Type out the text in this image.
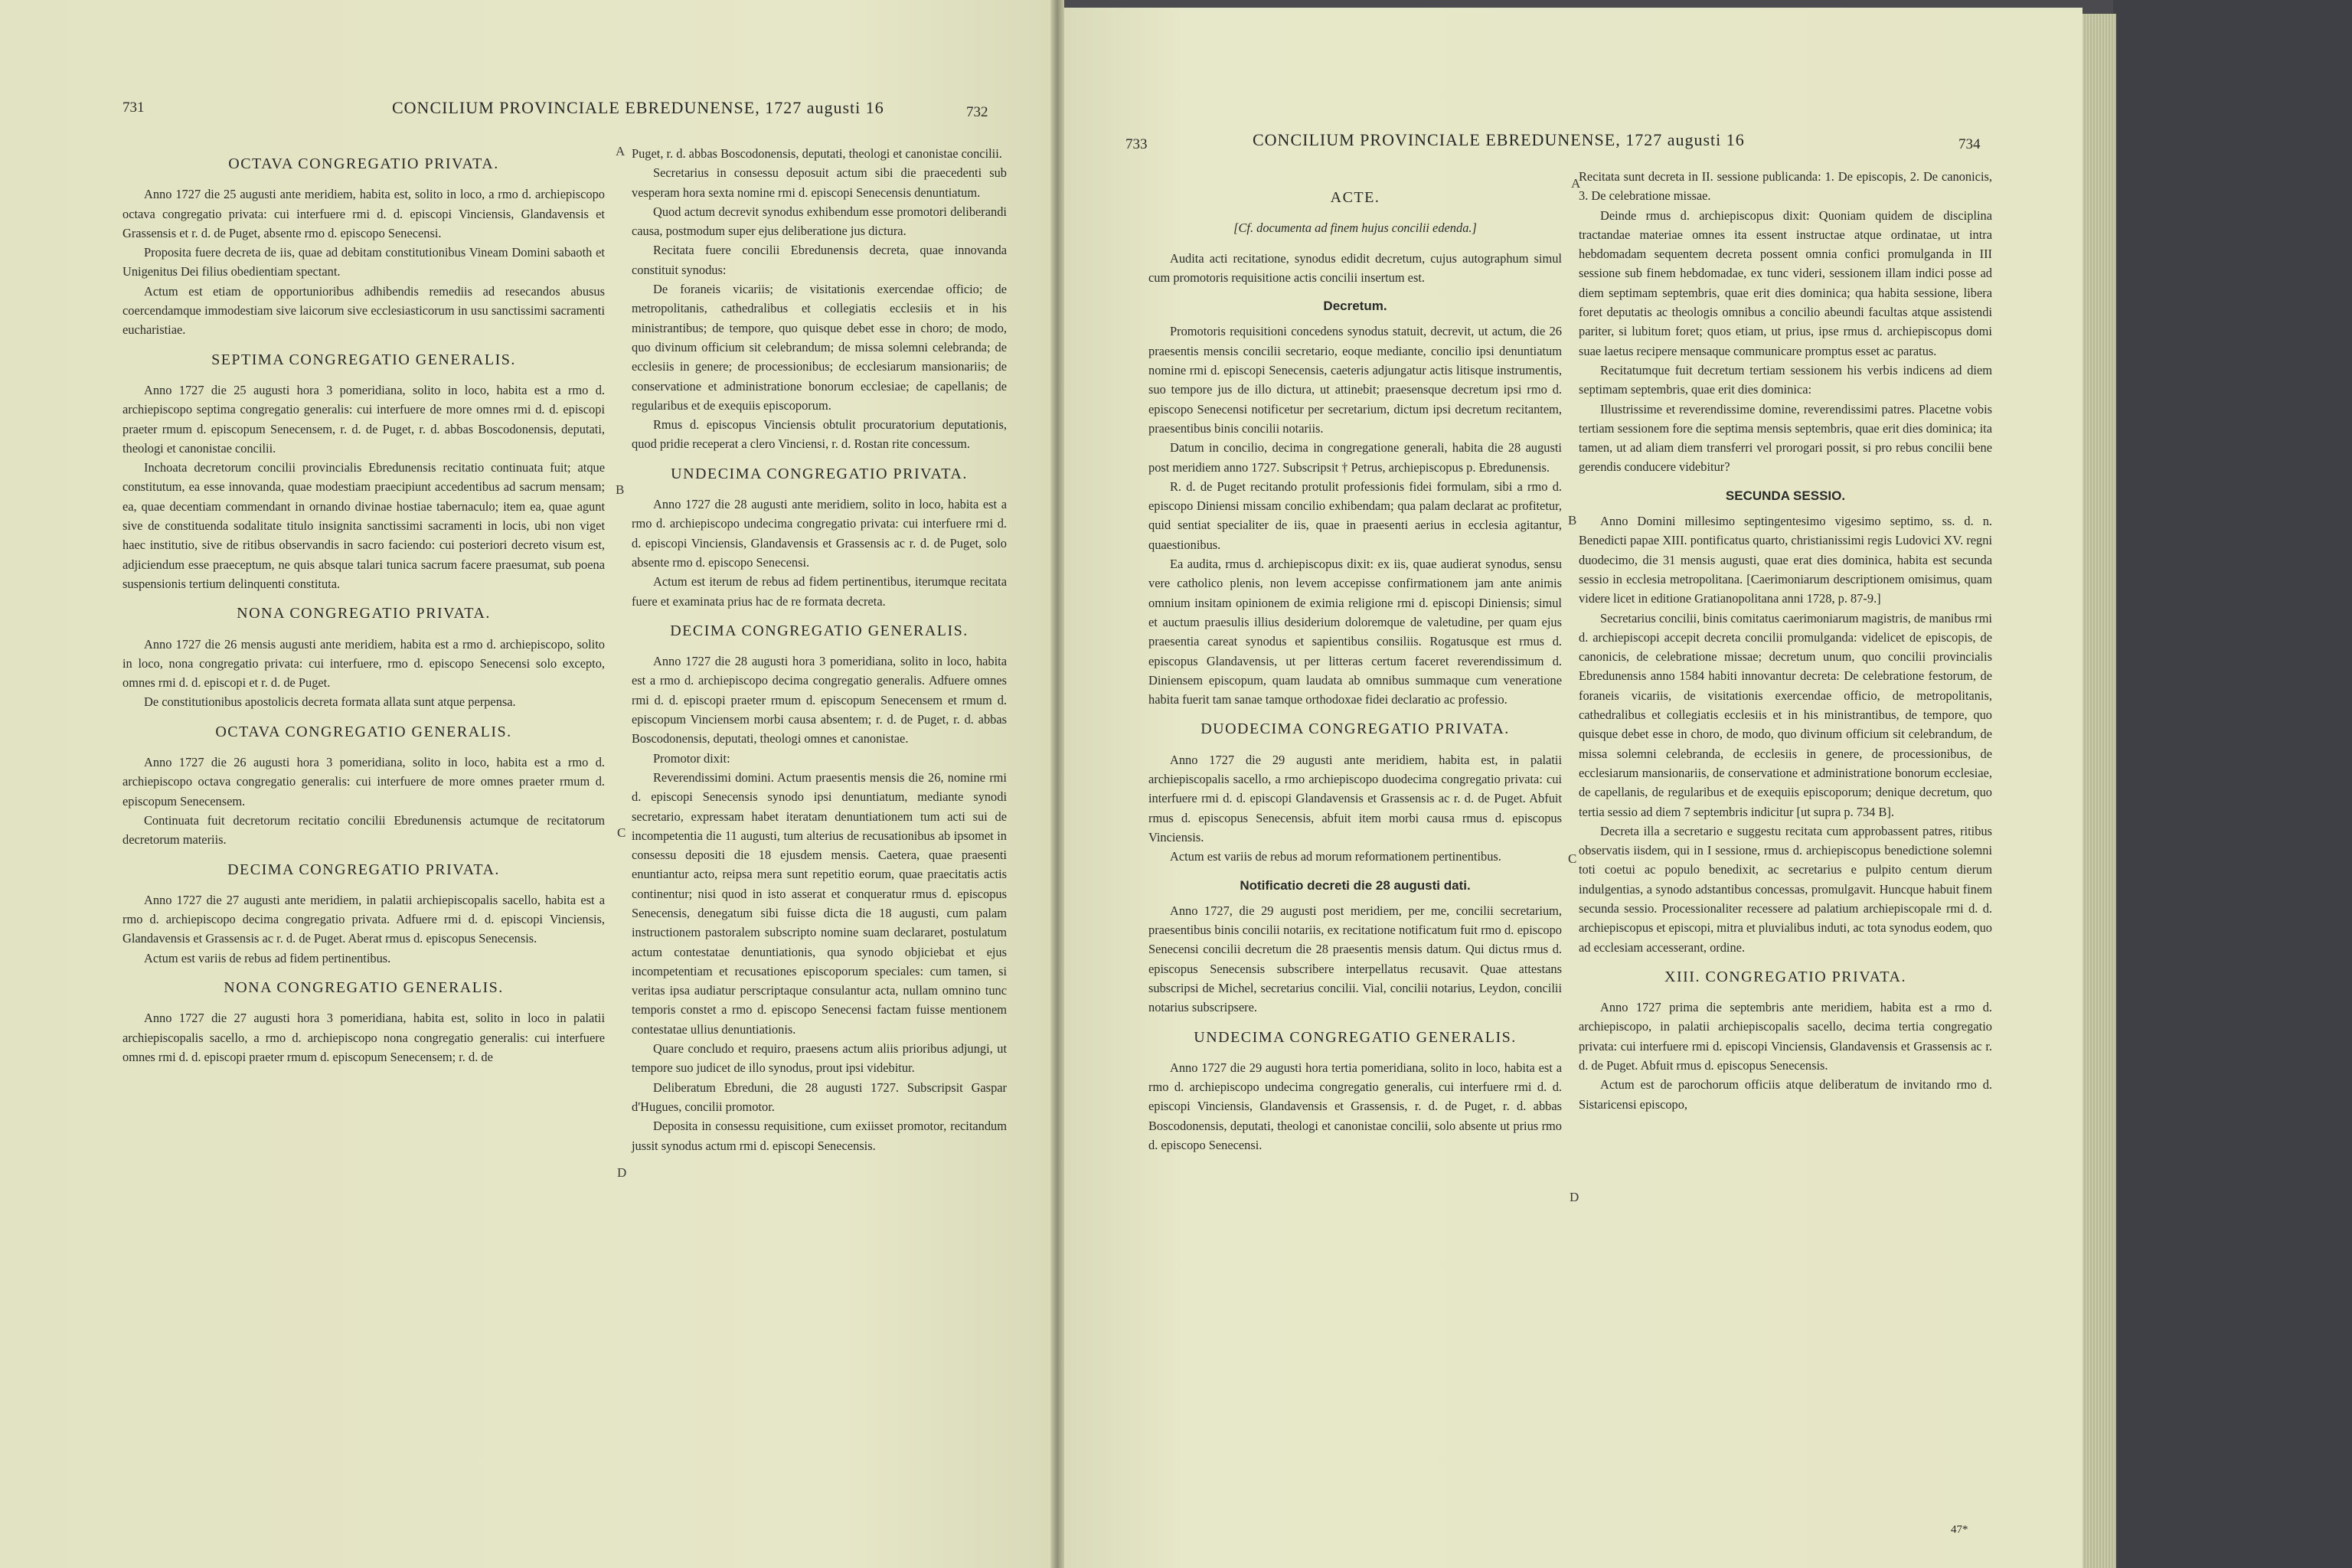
731	CONCILIUM PROVINCIALE EBREDUNENSE, 1727 augusti 16	732
OCTAVA CONGREGATIO PRIVATA.

Anno 1727 die 25 augusti ante meridiem, habita est, solito in loco, a rmo d. archiepiscopo octava congregatio privata: cui interfuere rmi d. d. episcopi Vinciensis, Glandavensis et Grassensis et r. d. de Puget, absente rmo d. episcopo Senecensi.

Proposita fuere decreta de iis, quae ad debitam constitutionibus Vineam Domini sabaoth et Unigenitus Dei filius obedientiam spectant.

Actum est etiam de opportunioribus adhibendis remediis ad resecandos abusus coercendamque immodestiam sive laicorum sive ecclesiasticorum in usu sanctissimi sacramenti eucharistiae.

SEPTIMA CONGREGATIO GENERALIS.

Anno 1727 die 25 augusti hora 3 pomeridiana, solito in loco, habita est a rmo d. archiepiscopo septima congregatio generalis: cui interfuere de more omnes rmi d. d. episcopi praeter rmum d. episcopum Senecensem, r. d. de Puget, r. d. abbas Boscodonensis, deputati, theologi et canonistae concilii.

Inchoata decretorum concilii provincialis Ebredunensis recitatio continuata fuit; atque constitutum, ea esse innovanda, quae modestiam praecipiunt accedentibus ad sacrum mensam; ea, quae decentiam commendant in ornando divinae hostiae tabernaculo; item ea, quae agunt sive de constituenda sodalitate titulo insignita sanctissimi sacramenti in locis, ubi non viget haec institutio, sive de ritibus observandis in sacro faciendo: cui posteriori decreto visum est, adjiciendum esse praeceptum, ne quis absque talari tunica sacrum facere praesumat, sub poena suspensionis tertium delinquenti constituta.

NONA CONGREGATIO PRIVATA.

Anno 1727 die 26 mensis augusti ante meridiem, habita est a rmo d. archiepiscopo, solito in loco, nona congregatio privata: cui interfuere, rmo d. episcopo Senecensi solo excepto, omnes rmi d. d. episcopi et r. d. de Puget.

De constitutionibus apostolicis decreta formata allata sunt atque perpensa.

OCTAVA CONGREGATIO GENERALIS.

Anno 1727 die 26 augusti hora 3 pomeridiana, solito in loco, habita est a rmo d. archiepiscopo octava congregatio generalis: cui interfuere de more omnes praeter rmum d. episcopum Senecensem.

Continuata fuit decretorum recitatio concilii Ebredunensis actumque de recitatorum decretorum materiis.

DECIMA CONGREGATIO PRIVATA.

Anno 1727 die 27 augusti ante meridiem, in palatii archiepiscopalis sacello, habita est a rmo d. archiepiscopo decima congregatio privata. Adfuere rmi d. d. episcopi Vinciensis, Glandavensis et Grassensis ac r. d. de Puget. Aberat rmus d. episcopus Senecensis.

Actum est variis de rebus ad fidem pertinentibus.

NONA CONGREGATIO GENERALIS.

Anno 1727 die 27 augusti hora 3 pomeridiana, habita est, solito in loco in palatii archiepiscopalis sacello, a rmo d. archiepiscopo nona congregatio generalis: cui interfuere omnes rmi d. d. episcopi praeter rmum d. episcopum Senecensem; r. d. de

Puget, r. d. abbas Boscodonensis, deputati, theologi et canonistae concilii.

Secretarius in consessu deposuit actum sibi die praecedenti sub vesperam hora sexta nomine rmi d. episcopi Senecensis denuntiatum.

Quod actum decrevit synodus exhibendum esse promotori deliberandi causa, postmodum super ejus deliberatione jus dictura.

Recitata fuere concilii Ebredunensis decreta, quae innovanda constituit synodus:

De foraneis vicariis; de visitationis exercendae officio; de metropolitanis, cathedralibus et collegiatis ecclesiis et in his ministrantibus; de tempore, quo quisque debet esse in choro; de modo, quo divinum officium sit celebrandum; de missa solemni celebranda; de ecclesiis in genere; de processionibus; de ecclesiarum mansionariis; de conservatione et administratione bonorum ecclesiae; de capellanis; de regularibus et de exequiis episcoporum.

Rmus d. episcopus Vinciensis obtulit procuratorium deputationis, quod pridie receperat a clero Vinciensi, r. d. Rostan rite concessum.

UNDECIMA CONGREGATIO PRIVATA.

Anno 1727 die 28 augusti ante meridiem, solito in loco, habita est a rmo d. archiepiscopo undecima congregatio privata: cui interfuere rmi d. d. episcopi Vinciensis, Glandavensis et Grassensis ac r. d. de Puget, solo absente rmo d. episcopo Senecensi.

Actum est iterum de rebus ad fidem pertinentibus, iterumque recitata fuere et examinata prius hac de re formata decreta.

DECIMA CONGREGATIO GENERALIS.

Anno 1727 die 28 augusti hora 3 pomeridiana, solito in loco, habita est a rmo d. archiepiscopo decima congregatio generalis. Adfuere omnes rmi d. d. episcopi praeter rmum d. episcopum Senecensem et rmum d. episcopum Vinciensem morbi causa absentem; r. d. de Puget, r. d. abbas Boscodonensis, deputati, theologi omnes et canonistae.

Promotor dixit:

Reverendissimi domini. Actum praesentis mensis die 26, nomine rmi d. episcopi Senecensis synodo ipsi denuntiatum, mediante synodi secretario, expressam habet iteratam denuntiationem tum acti sui de incompetentia die 11 augusti, tum alterius de recusationibus ab ipsomet in consessu depositi die 18 ejusdem mensis. Caetera, quae praesenti enuntiantur acto, reipsa mera sunt repetitio eorum, quae praecitatis actis continentur; nisi quod in isto asserat et conqueratur rmus d. episcopus Senecensis, denegatum sibi fuisse dicta die 18 augusti, cum palam instructionem pastoralem subscripto nomine suam declararet, postulatum actum contestatae denuntiationis, qua synodo objiciebat et ejus incompetentiam et recusationes episcoporum speciales: cum tamen, si veritas ipsa audiatur perscriptaque consulantur acta, nullam omnino tunc temporis constet a rmo d. episcopo Senecensi factam fuisse mentionem contestatae ullius denuntiationis.

Quare concludo et requiro, praesens actum aliis prioribus adjungi, ut tempore suo judicet de illo synodus, prout ipsi videbitur.

Deliberatum Ebreduni, die 28 augusti 1727. Subscripsit Gaspar d'Hugues, concilii promotor.

Deposita in consessu requisitione, cum exiisset promotor, recitandum jussit synodus actum rmi d. episcopi Senecensis.

A
B
C
D
733	CONCILIUM PROVINCIALE EBREDUNENSE, 1727 augusti 16	734
ACTE.

[Cf. documenta ad finem hujus concilii edenda.]

Audita acti recitatione, synodus edidit decretum, cujus autographum simul cum promotoris requisitione actis concilii insertum est.

Decretum.

Promotoris requisitioni concedens synodus statuit, decrevit, ut actum, die 26 praesentis mensis concilii secretario, eoque mediante, concilio ipsi denuntiatum nomine rmi d. episcopi Senecensis, caeteris adjungatur actis litisque instrumentis, suo tempore jus de illo dictura, ut attinebit; praesensque decretum ipsi rmo d. episcopo Senecensi notificetur per secretarium, dictum ipsi decretum recitantem, praesentibus binis concilii notariis.

Datum in concilio, decima in congregatione generali, habita die 28 augusti post meridiem anno 1727. Subscripsit † Petrus, archiepiscopus p. Ebredunensis.

R. d. de Puget recitando protulit professionis fidei formulam, sibi a rmo d. episcopo Diniensi missam concilio exhibendam; qua palam declarat ac profitetur, quid sentiat specialiter de iis, quae in praesenti aerius in ecclesia agitantur, quaestionibus.

Ea audita, rmus d. archiepiscopus dixit: ex iis, quae audierat synodus, sensu vere catholico plenis, non levem accepisse confirmationem jam ante animis omnium insitam opinionem de eximia religione rmi d. episcopi Diniensis; simul et auctum praesulis illius desiderium doloremque de valetudine, per quam ejus praesentia careat synodus et sapientibus consiliis. Rogatusque est rmus d. episcopus Glandavensis, ut per litteras certum faceret reverendissimum d. Diniensem episcopum, quam laudata ab omnibus summaque cum veneratione habita fuerit tam sanae tamque orthodoxae fidei declaratio ac professio.

DUODECIMA CONGREGATIO PRIVATA.

Anno 1727 die 29 augusti ante meridiem, habita est, in palatii archiepiscopalis sacello, a rmo archiepiscopo duodecima congregatio privata: cui interfuere rmi d. d. episcopi Glandavensis et Grassensis ac r. d. de Puget. Abfuit rmus d. episcopus Senecensis, abfuit item morbi causa rmus d. episcopus Vinciensis.

Actum est variis de rebus ad morum reformationem pertinentibus.

Notificatio decreti die 28 augusti dati.

Anno 1727, die 29 augusti post meridiem, per me, concilii secretarium, praesentibus binis concilii notariis, ex recitatione notificatum fuit rmo d. episcopo Senecensi concilii decretum die 28 praesentis mensis datum. Qui dictus rmus d. episcopus Senecensis subscribere interpellatus recusavit. Quae attestans subscripsi de Michel, secretarius concilii. Vial, concilii notarius, Leydon, concilii notarius subscripsere.

UNDECIMA CONGREGATIO GENERALIS.

Anno 1727 die 29 augusti hora tertia pomeridiana, solito in loco, habita est a rmo d. archiepiscopo undecima congregatio generalis, cui interfuere rmi d. d. episcopi Vinciensis, Glandavensis et Grassensis, r. d. de Puget, r. d. abbas Boscodonensis, deputati, theologi et canonistae concilii, solo absente ut prius rmo d. episcopo Senecensi.

Recitata sunt decreta in II. sessione publicanda: 1. De episcopis, 2. De canonicis, 3. De celebratione missae.

Deinde rmus d. archiepiscopus dixit: Quoniam quidem de disciplina tractandae materiae omnes ita essent instructae atque ordinatae, ut intra hebdomadam sequentem decreta possent omnia confici promulganda in III sessione sub finem hebdomadae, ex tunc videri, sessionem illam indici posse ad diem septimam septembris, quae erit dies dominica; qua habita sessione, libera foret deputatis ac theologis omnibus a concilio abeundi facultas atque assistendi pariter, si lubitum foret; quos etiam, ut prius, ipse rmus d. archiepiscopus domi suae laetus recipere mensaque communicare promptus esset ac paratus.

Recitatumque fuit decretum tertiam sessionem his verbis indicens ad diem septimam septembris, quae erit dies dominica:

Illustrissime et reverendissime domine, reverendissimi patres. Placetne vobis tertiam sessionem fore die septima mensis septembris, quae erit dies dominica; ita tamen, ut ad aliam diem transferri vel prorogari possit, si pro rebus concilii bene gerendis conducere videbitur?

SECUNDA SESSIO.

Anno Domini millesimo septingentesimo vigesimo septimo, ss. d. n. Benedicti papae XIII. pontificatus quarto, christianissimi regis Ludovici XV. regni duodecimo, die 31 mensis augusti, quae erat dies dominica, habita est secunda sessio in ecclesia metropolitana. [Caerimoniarum descriptionem omisimus, quam videre licet in editione Gratianopolitana anni 1728, p. 87-9.]

Secretarius concilii, binis comitatus caerimoniarum magistris, de manibus rmi d. archiepiscopi accepit decreta concilii promulganda: videlicet de episcopis, de canonicis, de celebratione missae; decretum unum, quo concilii provincialis Ebredunensis anno 1584 habiti innovantur decreta: De celebratione festorum, de foraneis vicariis, de visitationis exercendae officio, de metropolitanis, cathedralibus et collegiatis ecclesiis et in his ministrantibus, de tempore, quo quisque debet esse in choro, de modo, quo divinum officium sit celebrandum, de missa solemni celebranda, de ecclesiis in genere, de processionibus, de ecclesiarum mansionariis, de conservatione et administratione bonorum ecclesiae, de capellanis, de regularibus et de exequiis episcoporum; denique decretum, quo tertia sessio ad diem 7 septembris indicitur [ut supra p. 734 B].

Decreta illa a secretario e suggestu recitata cum approbassent patres, ritibus observatis iisdem, qui in I sessione, rmus d. archiepiscopus benedictione solemni toti coetui ac populo benedixit, ac secretarius e pulpito centum dierum indulgentias, a synodo adstantibus concessas, promulgavit. Huncque habuit finem secunda sessio. Processionaliter recessere ad palatium archiepiscopale rmi d. d. archiepiscopus et episcopi, mitra et pluvialibus induti, ac tota synodus eodem, quo ad ecclesiam accesserant, ordine.

XIII. CONGREGATIO PRIVATA.

Anno 1727 prima die septembris ante meridiem, habita est a rmo d. archiepiscopo, in palatii archiepiscopalis sacello, decima tertia congregatio privata: cui interfuere rmi d. episcopi Vinciensis, Glandavensis et Grassensis ac r. d. de Puget. Abfuit rmus d. episcopus Senecensis.

Actum est de parochorum officiis atque deliberatum de invitando rmo d. Sistaricensi episcopo,

A
B
C
D
47*
